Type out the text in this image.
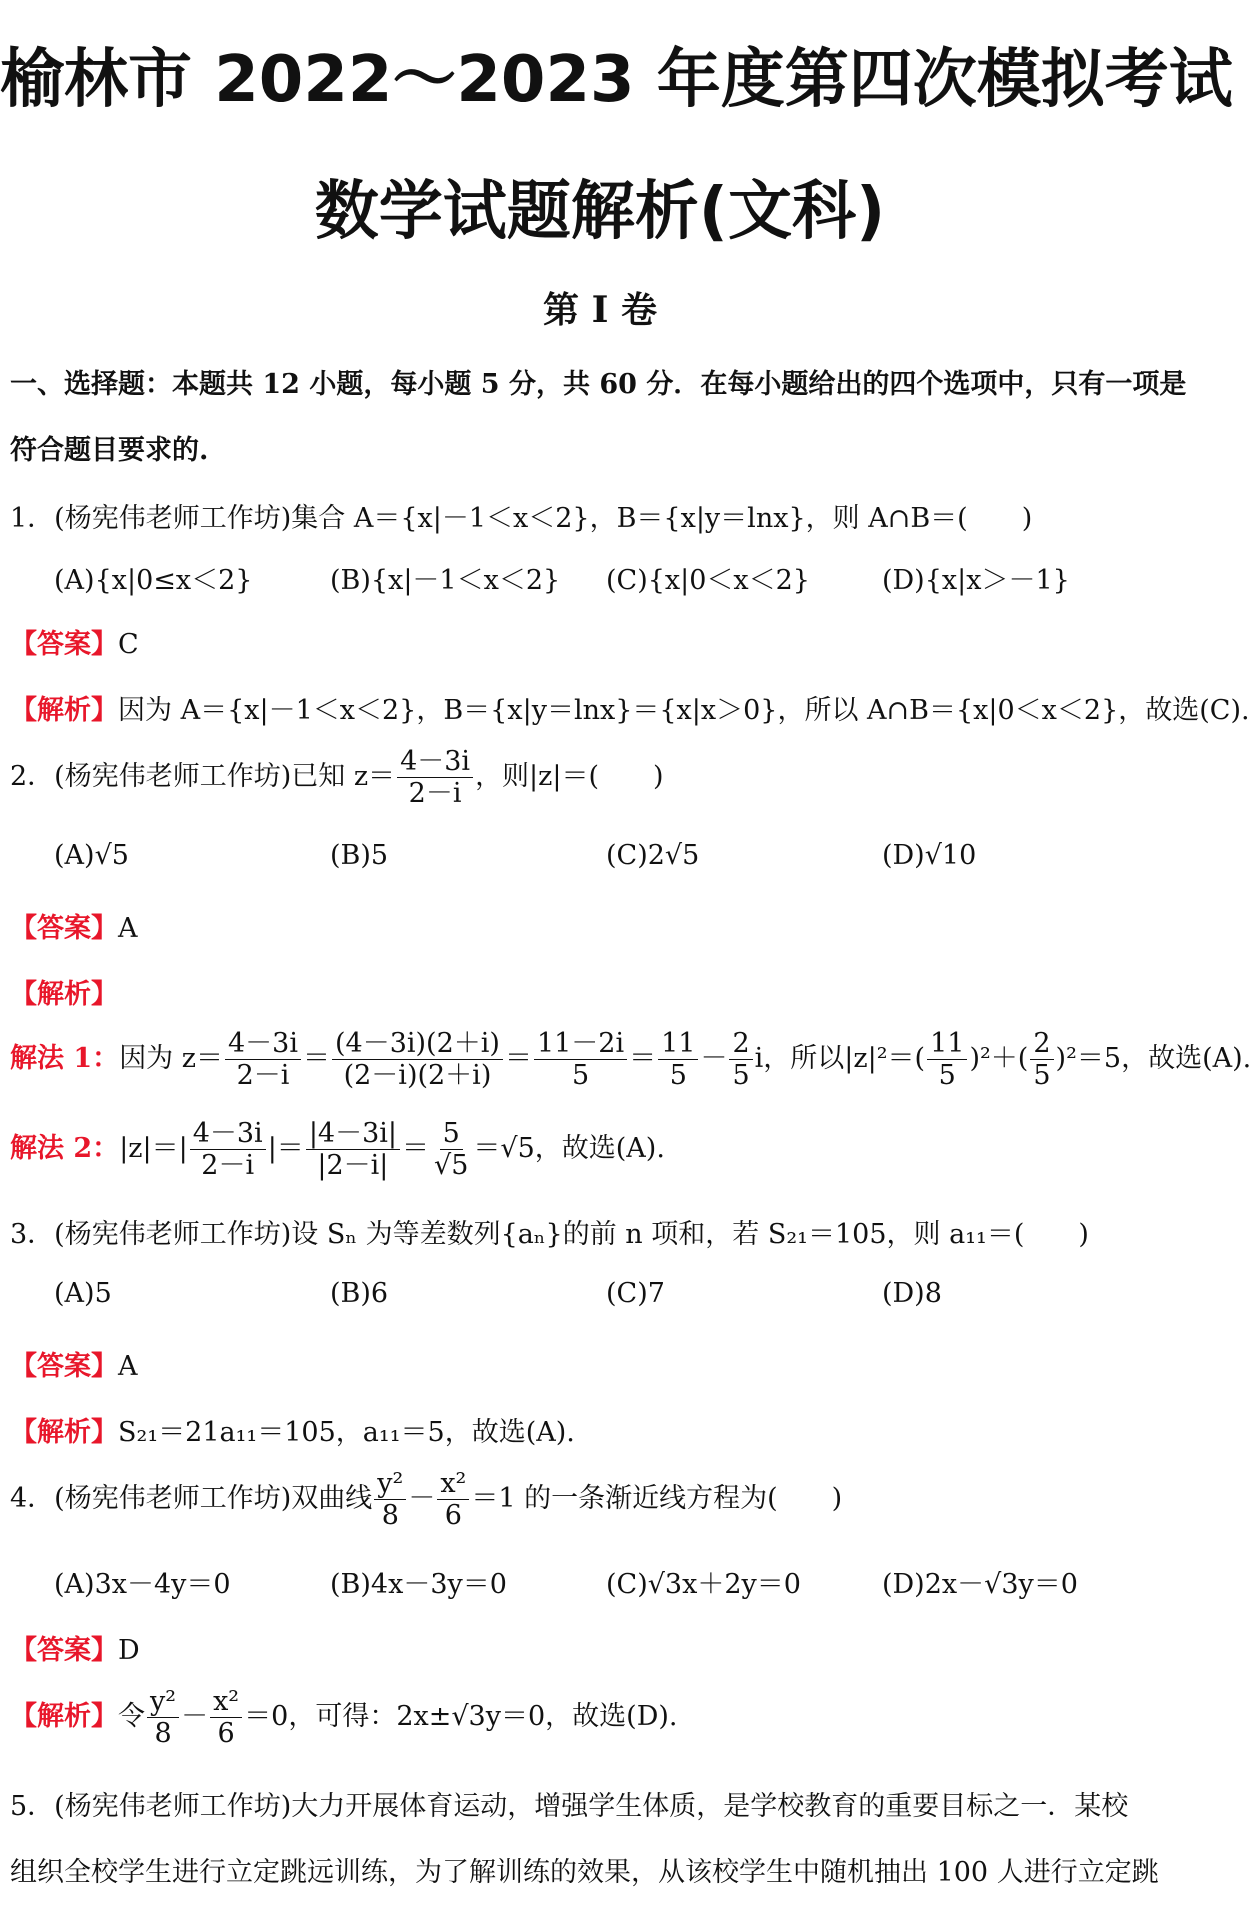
榆林市 2022～2023 年度第四次模拟考试
数学试题解析(文科)
第 I 卷
一、选择题：本题共 12 小题，每小题 5 分，共 60 分．在每小题给出的四个选项中，只有一项是
符合题目要求的.
1．(杨宪伟老师工作坊)集合 A＝{x|－1＜x＜2}，B＝{x|y＝lnx}，则 A∩B＝(　　)
(A){x|0≤x＜2}	(B){x|－1＜x＜2} (C){x|0＜x＜2}	(D){x|x＞－1}
【答案】C
【解析】因为 A＝{x|－1＜x＜2}，B＝{x|y＝lnx}＝{x|x＞0}，所以 A∩B＝{x|0＜x＜2}，故选(C).
2．(杨宪伟老师工作坊)已知 $z= \frac{4-3i}{2-i}$ ，则|z|＝(　　)
(A)√5	(B)5	(C)2√5	(D)√10
【答案】A
【解析】
解法 1：因为 $z= \frac{4-3i}{2-i} = \frac{(4-3i)(2+i)}{(2-i)(2+i)} = \frac{11-2i}{5} = \frac{11}{5} - \frac{2}{5}$ i，所以$|z|^2=( \frac{11}{5} )^2+( \frac{2}{5} )^2=5$，故选(A).
解法 2：$|z|=| \frac{4-3i}{2-i}$ |＝ $\frac{|4-3i|}{|2-i|} = \frac{5}{√5} =√5$，故选(A).
3．(杨宪伟老师工作坊)设 Sₙ 为等差数列{aₙ}的前 n 项和，若 S₂₁＝105，则 a₁₁＝(　　)
(A)5	(B)6	(C)7	(D)8
【答案】A
【解析】S₂₁＝21a₁₁＝105，a₁₁＝5，故选(A).
4．(杨宪伟老师工作坊)双曲线 $\frac{\text{y²}}{8} - \frac{\text{x²}}{6} =1$ 的一条渐近线方程为(　　)
(A)3x－4y＝0	(B)4x－3y＝0	(C)√3x＋2y＝0	(D)2x－√3y＝0
【答案】D
【解析】令 $\frac{\text{y²}}{8} - \frac{\text{x²}}{6} =0$，可得：2x±√3y＝0，故选(D).
5．(杨宪伟老师工作坊)大力开展体育运动，增强学生体质，是学校教育的重要目标之一．某校
组织全校学生进行立定跳远训练，为了解训练的效果，从该校学生中随机抽出 100 人进行立定跳
